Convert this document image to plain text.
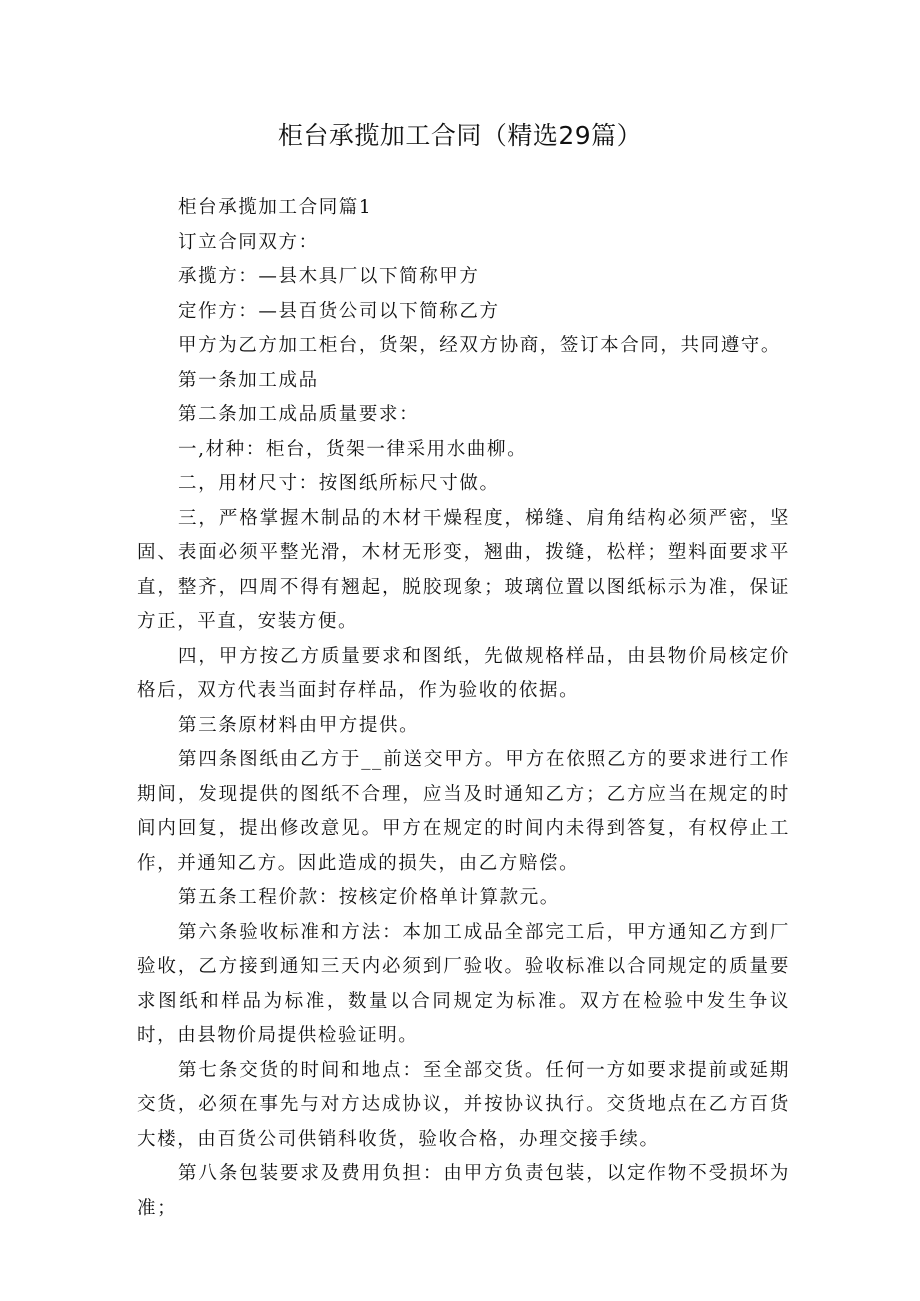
柜台承揽加工合同（精选29篇）

柜台承揽加工合同篇1

订立合同双方：

承揽方：—县木具厂以下简称甲方

定作方：—县百货公司以下简称乙方

甲方为乙方加工柜台，货架，经双方协商，签订本合同，共同遵守。

第一条加工成品

第二条加工成品质量要求：

一,材种：柜台，货架一律采用水曲柳。

二，用材尺寸：按图纸所标尺寸做。

三，严格掌握木制品的木材干燥程度，梯缝、肩角结构必须严密，坚固、表面必须平整光滑，木材无形变，翘曲，拨缝，松样；塑料面要求平直，整齐，四周不得有翘起，脱胶现象；玻璃位置以图纸标示为准，保证方正，平直，安装方便。

四，甲方按乙方质量要求和图纸，先做规格样品，由县物价局核定价格后，双方代表当面封存样品，作为验收的依据。

第三条原材料由甲方提供。

第四条图纸由乙方于__前送交甲方。甲方在依照乙方的要求进行工作期间，发现提供的图纸不合理，应当及时通知乙方；乙方应当在规定的时间内回复，提出修改意见。甲方在规定的时间内未得到答复，有权停止工作，并通知乙方。因此造成的损失，由乙方赔偿。

第五条工程价款：按核定价格单计算款元。

第六条验收标准和方法：本加工成品全部完工后，甲方通知乙方到厂验收，乙方接到通知三天内必须到厂验收。验收标准以合同规定的质量要求图纸和样品为标准，数量以合同规定为标准。双方在检验中发生争议时，由县物价局提供检验证明。

第七条交货的时间和地点：至全部交货。任何一方如要求提前或延期交货，必须在事先与对方达成协议，并按协议执行。交货地点在乙方百货大楼，由百货公司供销科收货，验收合格，办理交接手续。

第八条包装要求及费用负担：由甲方负责包装，以定作物不受损坏为准；
